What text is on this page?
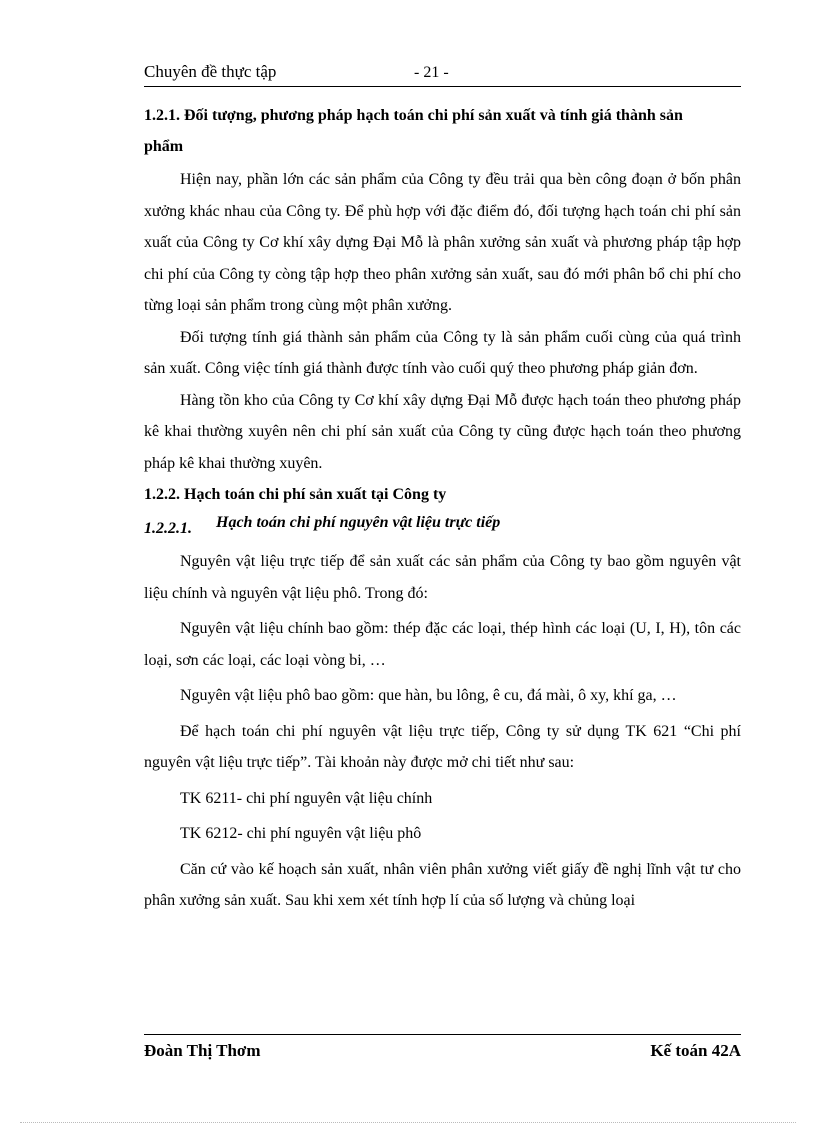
Chuyên đề thực tập	- 21 -
1.2.1. Đối tượng, phương pháp hạch toán chi phí sản xuất và tính giá thành sản
phẩm

Hiện nay, phần lớn các sản phẩm của Công ty đều trải qua bèn công đoạn ở bốn phân xưởng khác nhau của Công ty. Để phù hợp với đặc điểm đó, đối tượng hạch toán chi phí sản xuất của Công ty Cơ khí xây dựng Đại Mỗ là phân xưởng sản xuất và phương pháp tập hợp chi phí của Công ty còng tập hợp theo phân xưởng sản xuất, sau đó mới phân bổ chi phí cho từng loại sản phẩm trong cùng một phân xưởng.

Đối tượng tính giá thành sản phẩm của Công ty là sản phẩm cuối cùng của quá trình sản xuất. Công việc tính giá thành được tính vào cuối quý theo phương pháp giản đơn.

Hàng tồn kho của Công ty Cơ khí xây dựng Đại Mỗ được hạch toán theo phương pháp kê khai thường xuyên nên chi phí sản xuất của Công ty cũng được hạch toán theo phương pháp kê khai thường xuyên.

1.2.2. Hạch toán chi phí sản xuất tại Công ty
1.2.2.1. Hạch toán chi phí nguyên vật liệu trực tiếp

Nguyên vật liệu trực tiếp để sản xuất các sản phẩm của Công ty bao gồm nguyên vật liệu chính và nguyên vật liệu phô. Trong đó:

Nguyên vật liệu chính bao gồm: thép đặc các loại, thép hình các loại (U, I, H), tôn các loại, sơn các loại, các loại vòng bi, …

Nguyên vật liệu phô bao gồm: que hàn, bu lông, ê cu, đá mài, ô xy, khí ga, …

Để hạch toán chi phí nguyên vật liệu trực tiếp, Công ty sử dụng TK 621 “Chi phí nguyên vật liệu trực tiếp”. Tài khoản này được mở chi tiết như sau:

TK 6211- chi phí nguyên vật liệu chính

TK 6212- chi phí nguyên vật liệu phô

Căn cứ vào kế hoạch sản xuất, nhân viên phân xưởng viết giấy đề nghị lĩnh vật tư cho phân xưởng sản xuất. Sau khi xem xét tính hợp lí của số lượng và chủng loại

Đoàn Thị Thơm	Kế toán 42A
